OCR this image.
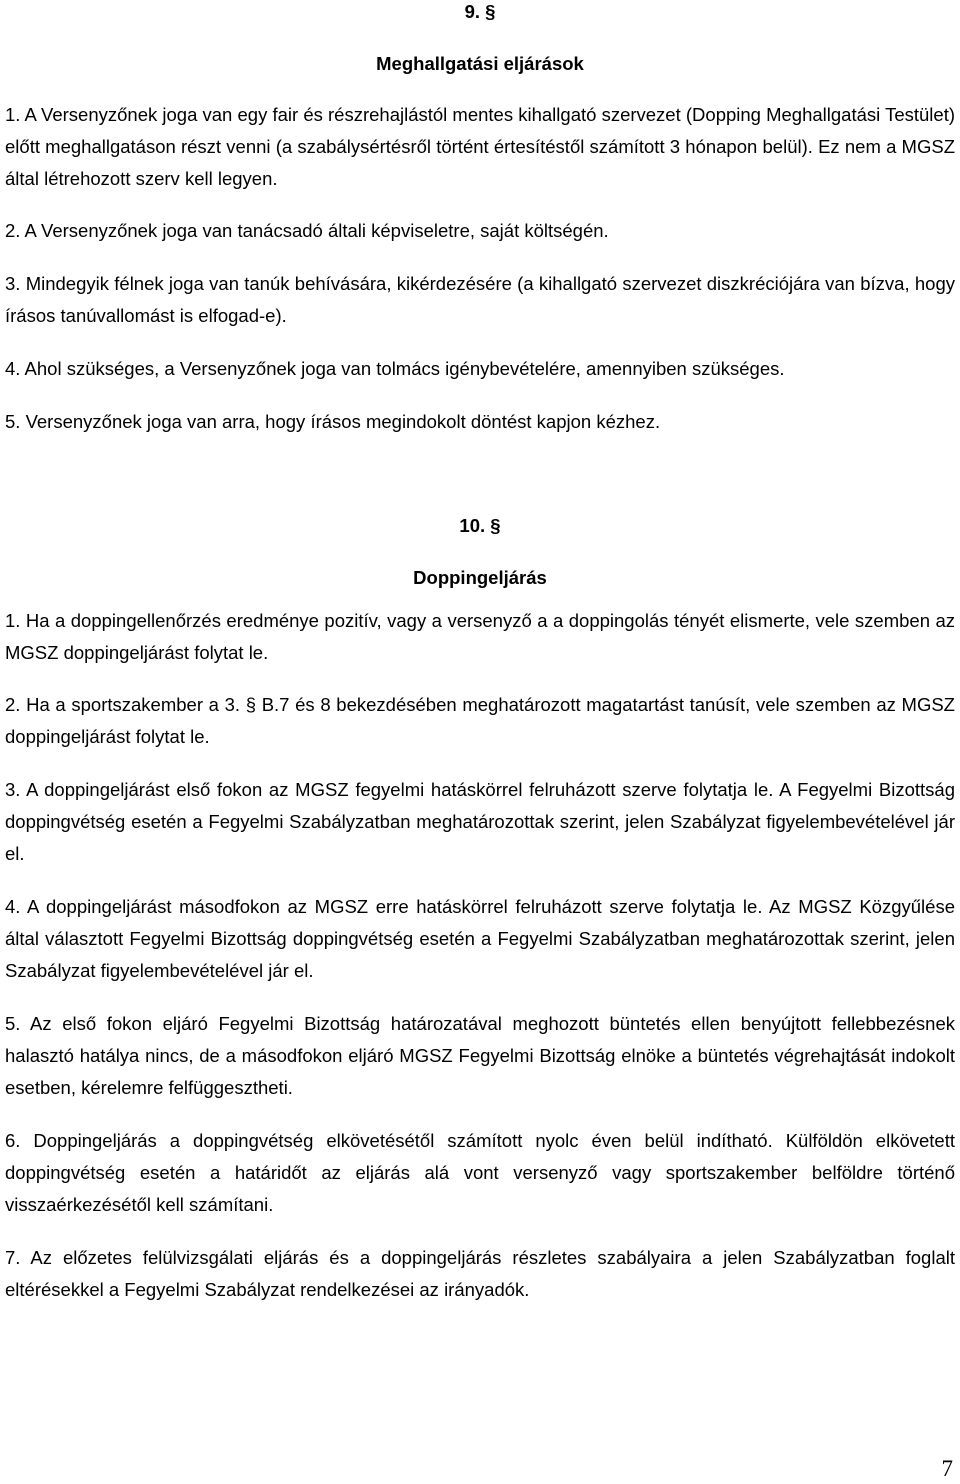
9. §
Meghallgatási eljárások

1. A Versenyzőnek joga van egy fair és részrehajlástól mentes kihallgató szervezet (Dopping Meghallgatási Testület) előtt meghallgatáson részt venni (a szabálysértésről történt értesítéstől számított 3 hónapon belül). Ez nem a MGSZ által létrehozott szerv kell legyen.

2. A Versenyzőnek joga van tanácsadó általi képviseletre, saját költségén.

3. Mindegyik félnek joga van tanúk behívására, kikérdezésére (a kihallgató szervezet diszkréciójára van bízva, hogy írásos tanúvallomást is elfogad-e).

4. Ahol szükséges, a Versenyzőnek joga van tolmács igénybevételére, amennyiben szükséges.

5. Versenyzőnek joga van arra, hogy írásos megindokolt döntést kapjon kézhez.

10. §
Doppingeljárás

1. Ha a doppingellenőrzés eredménye pozitív, vagy a versenyző a a doppingolás tényét elismerte, vele szemben az MGSZ doppingeljárást folytat le.

2. Ha a sportszakember a 3. § B.7 és 8 bekezdésében meghatározott magatartást tanúsít, vele szemben az MGSZ doppingeljárást folytat le.

3. A doppingeljárást első fokon az MGSZ fegyelmi hatáskörrel felruházott szerve folytatja le. A Fegyelmi Bizottság doppingvétség esetén a Fegyelmi Szabályzatban meghatározottak szerint, jelen Szabályzat figyelembevételével jár el.

4. A doppingeljárást másodfokon az MGSZ erre hatáskörrel felruházott szerve folytatja le. Az MGSZ Közgyűlése által választott Fegyelmi Bizottság doppingvétség esetén a Fegyelmi Szabályzatban meghatározottak szerint, jelen Szabályzat figyelembevételével jár el.

5. Az első fokon eljáró Fegyelmi Bizottság határozatával meghozott büntetés ellen benyújtott fellebbezésnek halasztó hatálya nincs, de a másodfokon eljáró MGSZ Fegyelmi Bizottság elnöke a büntetés végrehajtását indokolt esetben, kérelemre felfüggesztheti.

6. Doppingeljárás a doppingvétség elkövetésétől számított nyolc éven belül indítható. Külföldön elkövetett doppingvétség esetén a határidőt az eljárás alá vont versenyző vagy sportszakember belföldre történő visszaérkezésétől kell számítani.

7. Az előzetes felülvizsgálati eljárás és a doppingeljárás részletes szabályaira a jelen Szabályzatban foglalt eltérésekkel a Fegyelmi Szabályzat rendelkezései az irányadók.

7
